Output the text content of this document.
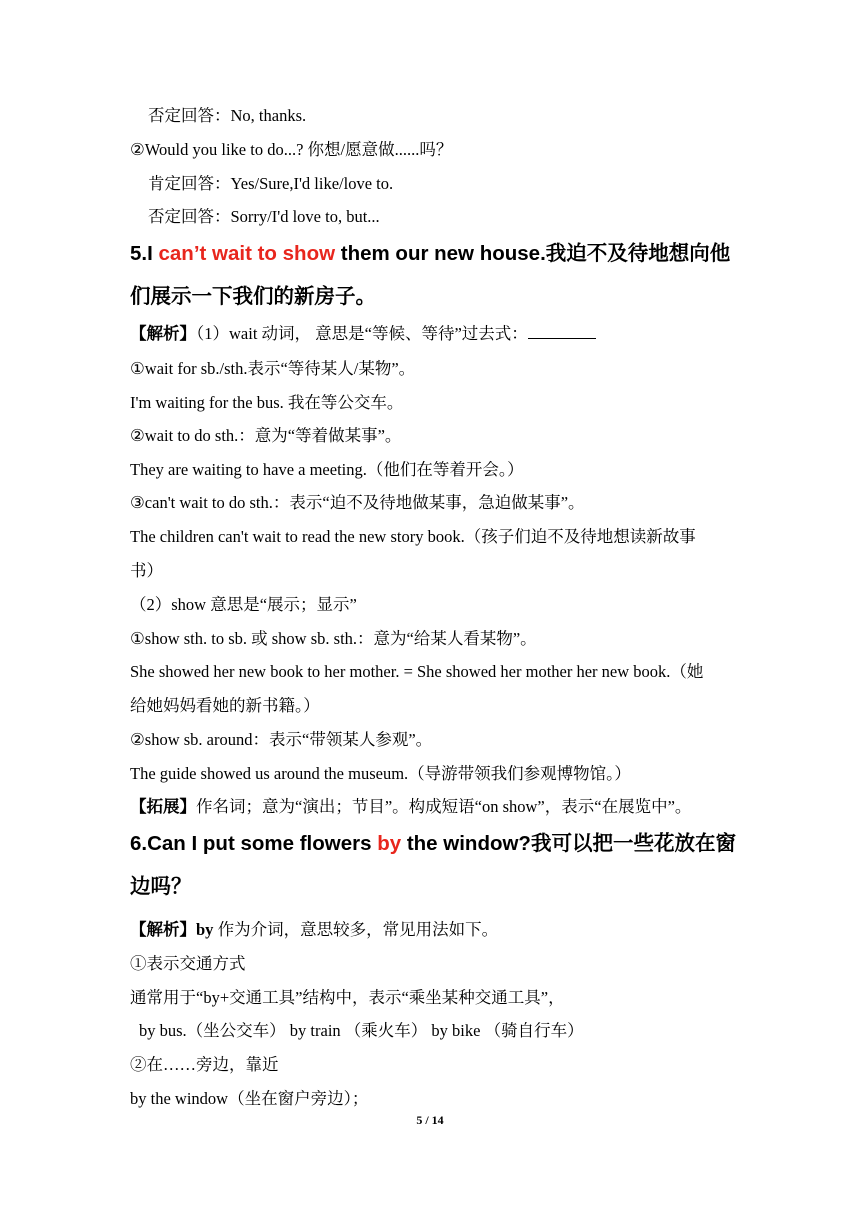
否定回答：No, thanks.
②Would you like to do...? 你想/愿意做......吗？
肯定回答：Yes/Sure,I'd like/love to.
否定回答：Sorry/I'd love to, but...
5.I can’t wait to show them our new house.我迫不及待地想向他
们展示一下我们的新房子。
【解析】（1）wait 动词， 意思是“等候、等待”过去式：
①wait for sb./sth.表示“等待某人/某物”。
I'm waiting for the bus. 我在等公交车。
②wait to do sth.：意为“等着做某事”。
They are waiting to have a meeting.（他们在等着开会。）
③can't wait to do sth.：表示“迫不及待地做某事，急迫做某事”。
The children can't wait to read the new story book.（孩子们迫不及待地想读新故事
书）
（2）show 意思是“展示；显示”
①show sth. to sb. 或 show sb. sth.：意为“给某人看某物”。
She showed her new book to her mother. = She showed her mother her new book.（她
给她妈妈看她的新书籍。）
②show sb. around：表示“带领某人参观”。
The guide showed us around the museum.（导游带领我们参观博物馆。）
【拓展】作名词；意为“演出；节目”。构成短语“on show”，表示“在展览中”。
6.Can I put some flowers by the window?我可以把一些花放在窗
边吗？
【解析】by 作为介词，意思较多，常见用法如下。
①表示交通方式
通常用于“by+交通工具”结构中，表示“乘坐某种交通工具”，
by bus.（坐公交车） by train （乘火车） by bike （骑自行车）
②在……旁边，靠近
by the window（坐在窗户旁边）；
5 / 14
